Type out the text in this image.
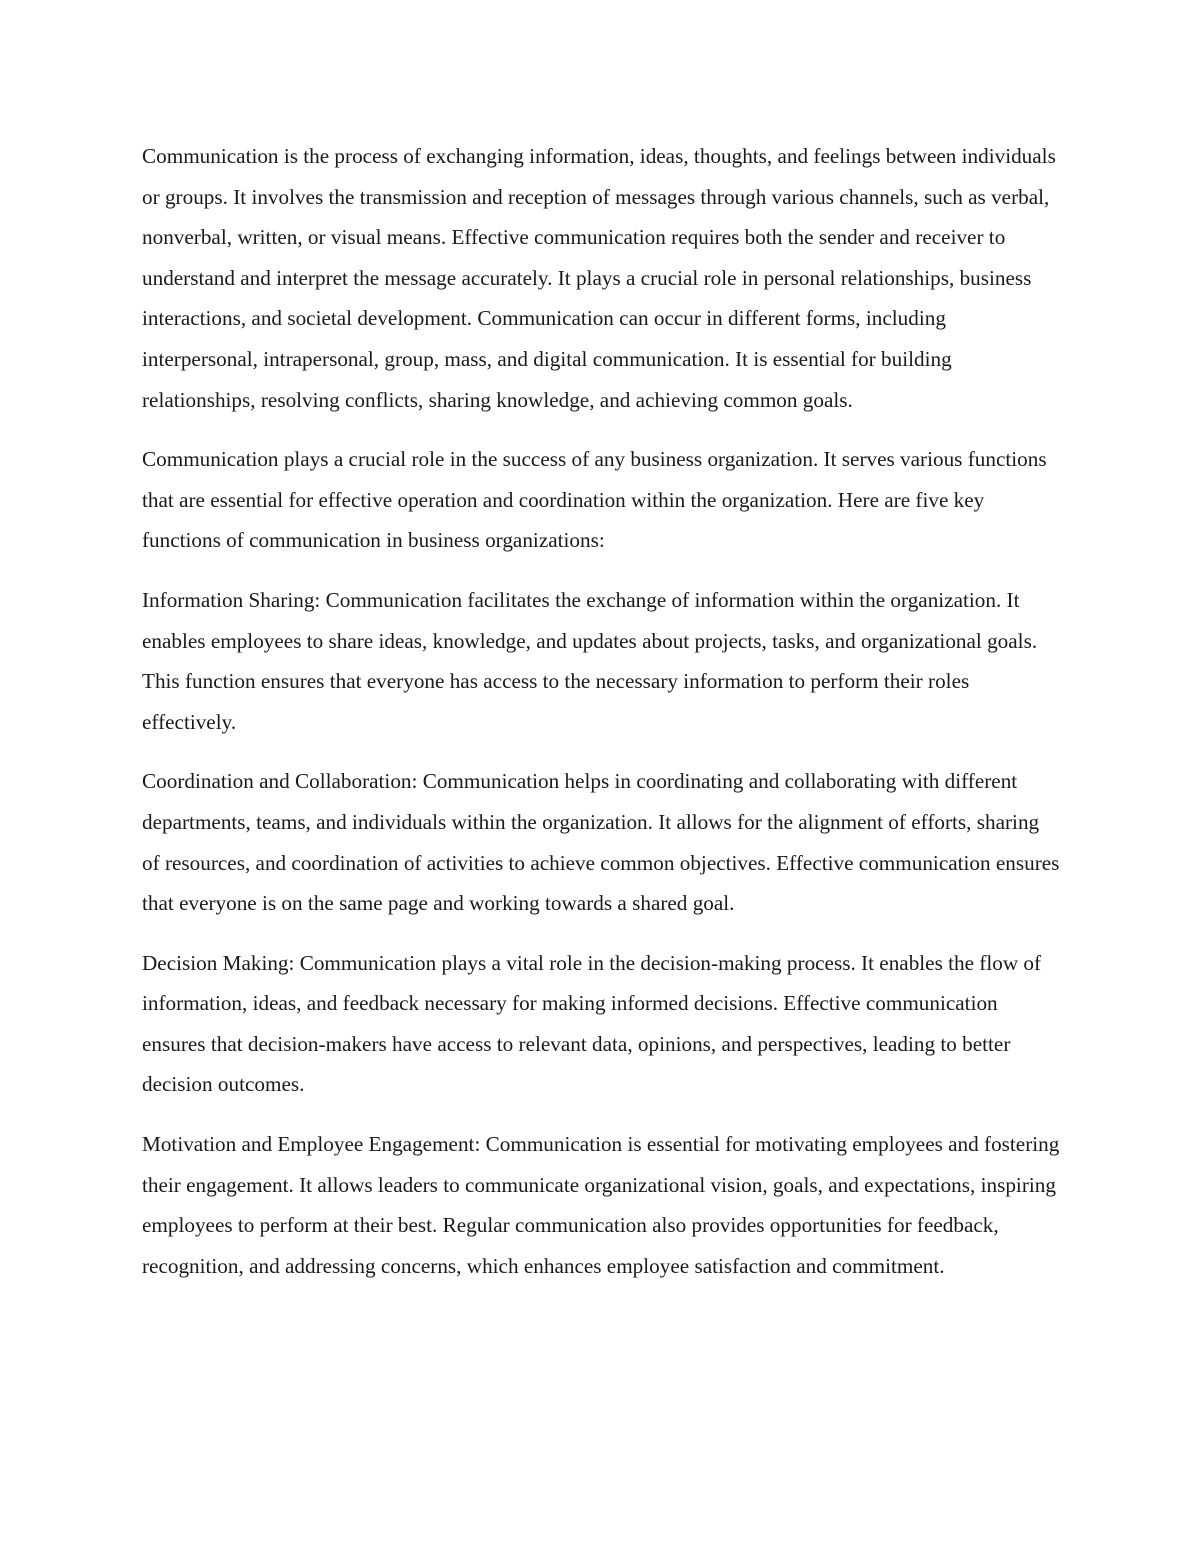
Communication is the process of exchanging information, ideas, thoughts, and feelings between individuals or groups. It involves the transmission and reception of messages through various channels, such as verbal, nonverbal, written, or visual means. Effective communication requires both the sender and receiver to understand and interpret the message accurately. It plays a crucial role in personal relationships, business interactions, and societal development. Communication can occur in different forms, including interpersonal, intrapersonal, group, mass, and digital communication. It is essential for building relationships, resolving conflicts, sharing knowledge, and achieving common goals.

Communication plays a crucial role in the success of any business organization. It serves various functions that are essential for effective operation and coordination within the organization. Here are five key functions of communication in business organizations:

Information Sharing: Communication facilitates the exchange of information within the organization. It enables employees to share ideas, knowledge, and updates about projects, tasks, and organizational goals. This function ensures that everyone has access to the necessary information to perform their roles effectively.

Coordination and Collaboration: Communication helps in coordinating and collaborating with different departments, teams, and individuals within the organization. It allows for the alignment of efforts, sharing of resources, and coordination of activities to achieve common objectives. Effective communication ensures that everyone is on the same page and working towards a shared goal.

Decision Making: Communication plays a vital role in the decision-making process. It enables the flow of information, ideas, and feedback necessary for making informed decisions. Effective communication ensures that decision-makers have access to relevant data, opinions, and perspectives, leading to better decision outcomes.

Motivation and Employee Engagement: Communication is essential for motivating employees and fostering their engagement. It allows leaders to communicate organizational vision, goals, and expectations, inspiring employees to perform at their best. Regular communication also provides opportunities for feedback, recognition, and addressing concerns, which enhances employee satisfaction and commitment.
